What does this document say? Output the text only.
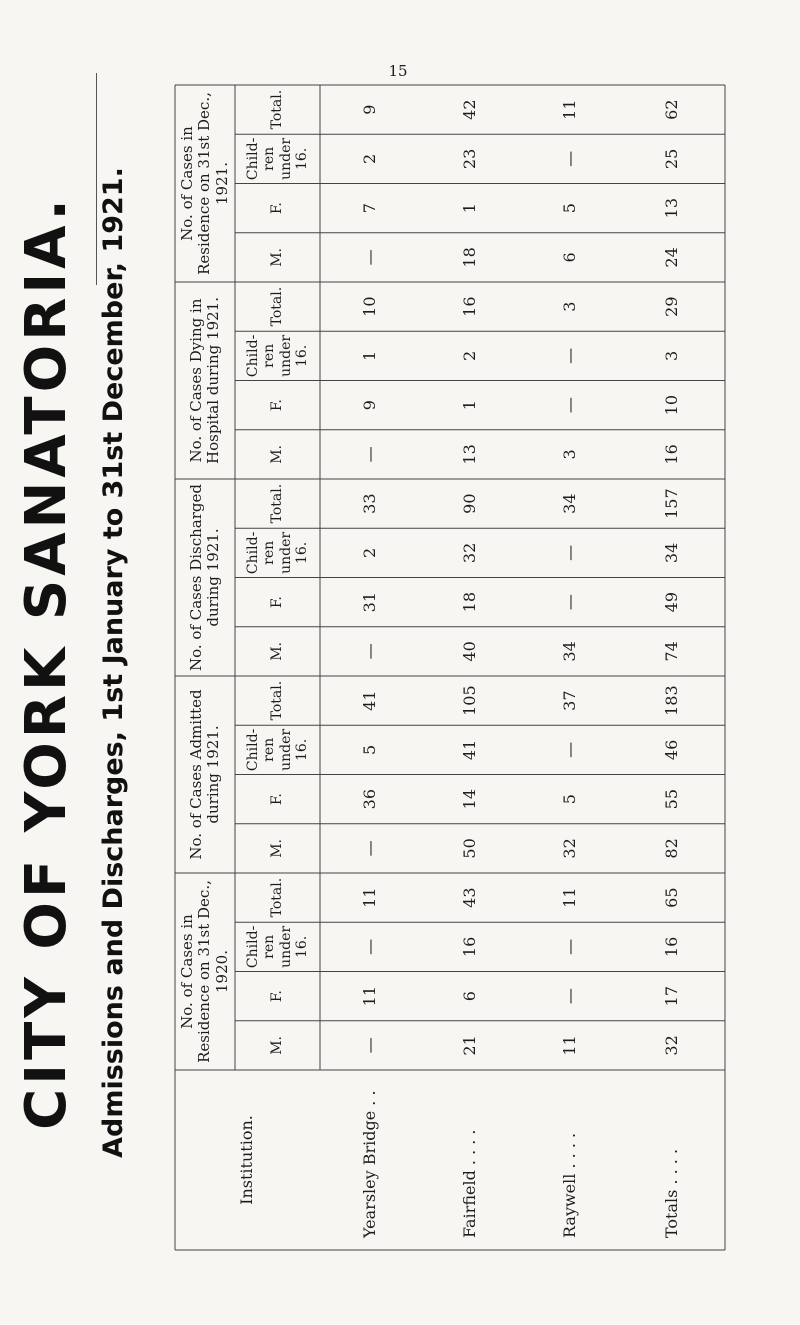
15
CITY OF YORK SANATORIA. Admissions and Discharges, 1st January to 31st December, 1921.
Institution.
No. of Cases in Residence on 31st Dec., 1920.
M.
F.
Child-ren under 16.
Total.
No. of Cases Admitted during 1921.
M.
F.
Child-ren under 16.
Total.
No. of Cases Discharged during 1921.
M.
F.
Child-ren under 16.
Total.
No. of Cases Dying in Hospital during 1921.	M.
F.
Child-ren under 16.
Total.
No. of Cases in Residence on 31st Dec., 1921.
M.
F.
Child-ren under 16.
Total.
Yearsley Bridge . .
—
11
—
11
—
36
5
41
—
31
2
33
—
9
1
10
—
7
2
9
Fairfield . . . .
21
6
16
43
50
14
41
105
40
18
32
90
13
1
2
16
18
1
23
42
Raywell . . . .
11
—
—
11
32
5
—
37
34
—
—
34
3
—
—
3
6
5
—
11
Totals . . . .
32
17
16
65
82
55
46
183
74
49
34
157
16
10
3
29
24
13
25
62
